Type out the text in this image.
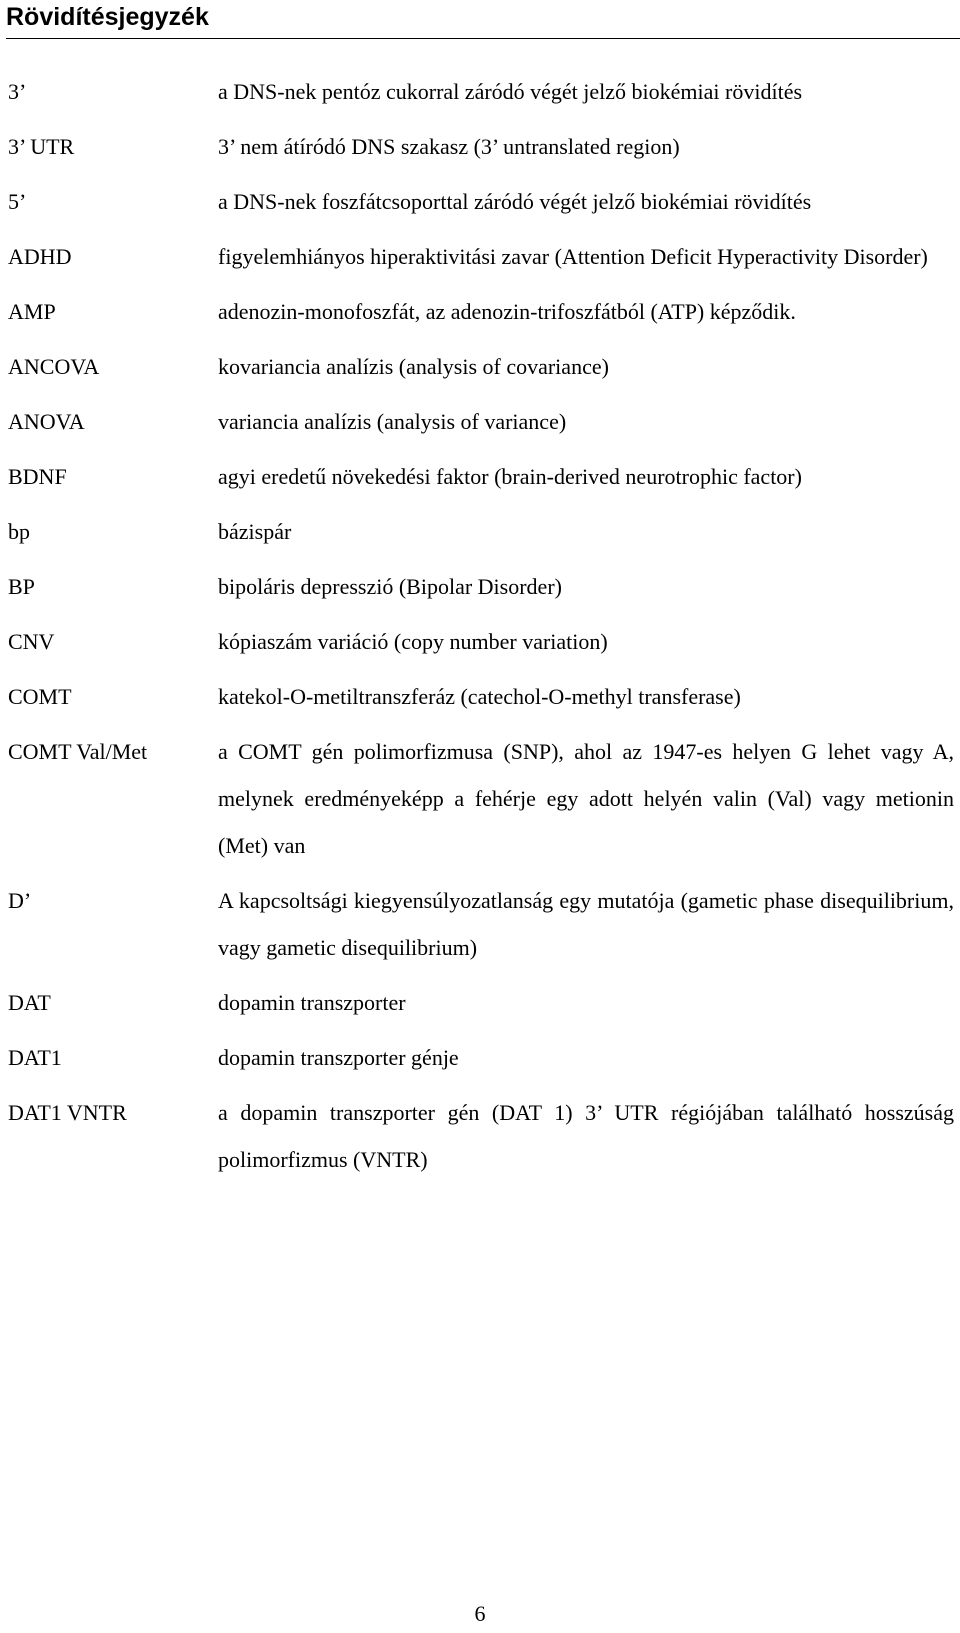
Rövidítésjegyzék
3’	a DNS-nek pentóz cukorral záródó végét jelző biokémiai rövidítés
3’ UTR	3’ nem átíródó DNS szakasz (3’ untranslated region)
5’	a DNS-nek foszfátcsoporttal záródó végét jelző biokémiai rövidítés
ADHD	figyelemhiányos hiperaktivitási zavar (Attention Deficit Hyperactivity Disorder)
AMP	adenozin-monofoszfát, az adenozin-trifoszfátból (ATP) képződik.
ANCOVA	kovariancia analízis (analysis of covariance)
ANOVA	variancia analízis (analysis of variance)
BDNF	agyi eredetű növekedési faktor (brain-derived neurotrophic factor)
bp	bázispár
BP	bipoláris depresszió (Bipolar Disorder)
CNV	kópiaszám variáció (copy number variation)
COMT	katekol-O-metiltranszferáz (catechol-O-methyl transferase)
COMT Val/Met	a COMT gén polimorfizmusa (SNP), ahol az 1947-es helyen G lehet vagy A, melynek eredményeképp a fehérje egy adott helyén valin (Val) vagy metionin (Met) van
D’	A kapcsoltsági kiegyensúlyozatlanság egy mutatója (gametic phase disequilibrium, vagy gametic disequilibrium)
DAT	dopamin transzporter
DAT1	dopamin transzporter génje
DAT1 VNTR	a dopamin transzporter gén (DAT 1) 3’ UTR régiójában található hosszúság polimorfizmus (VNTR)
6
